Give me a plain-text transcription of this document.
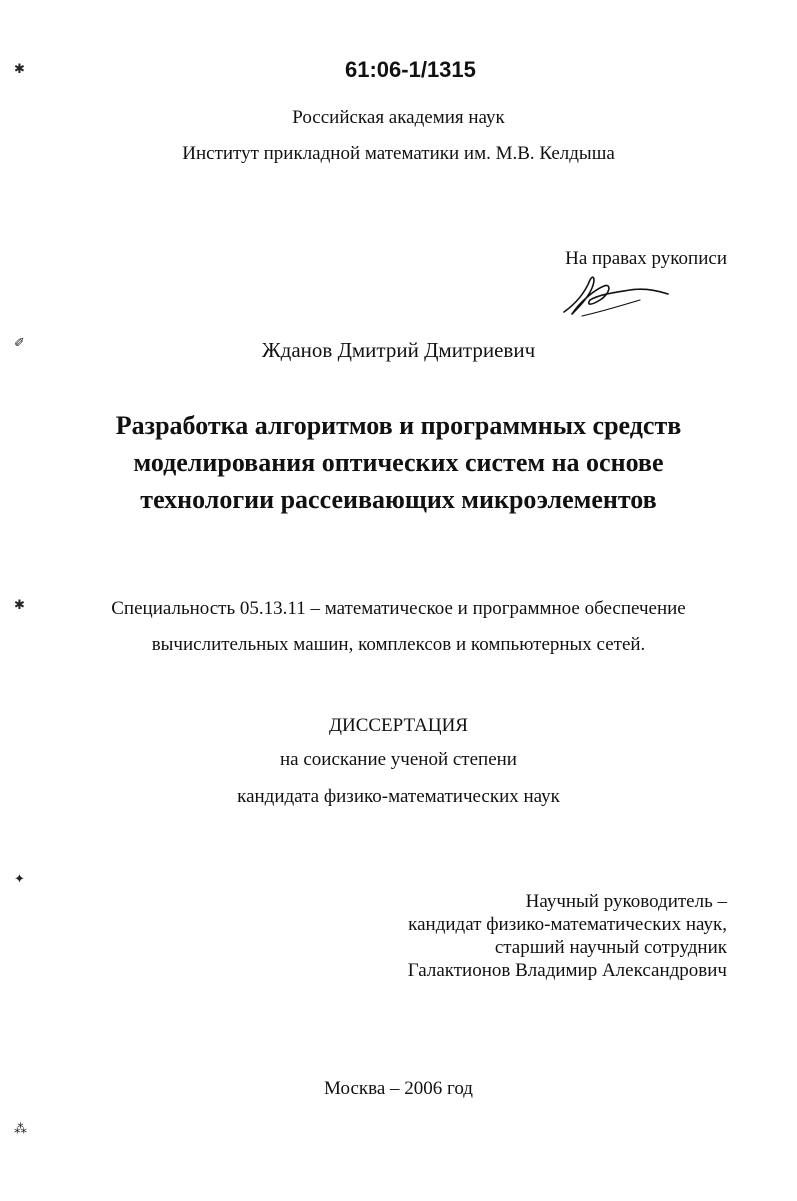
✱
✐
✱
✦
⁂
61:06-1/1315
Российская академия наук
Институт прикладной математики им. М.В. Келдыша
На правах рукописи
Жданов Дмитрий Дмитриевич
Разработка алгоритмов и программных средств
моделирования оптических систем на основе
технологии рассеивающих микроэлементов
Специальность 05.13.11 – математическое и программное обеспечение
вычислительных машин, комплексов и компьютерных сетей.
ДИССЕРТАЦИЯ
на соискание ученой степени
кандидата физико-математических наук
Научный руководитель –
кандидат физико-математических наук,
старший научный сотрудник
Галактионов Владимир Александрович
Москва – 2006 год
